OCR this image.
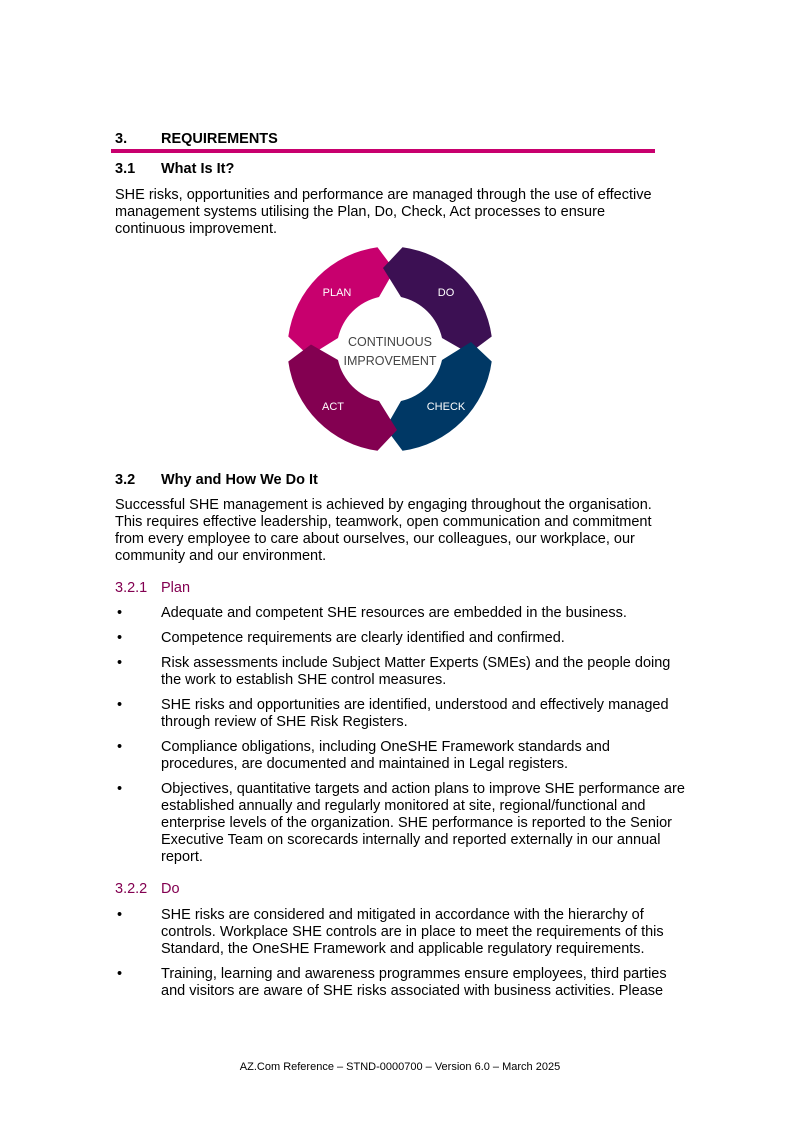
3. REQUIREMENTS
3.1 What Is It?

SHE risks, opportunities and performance are managed through the use of effective management systems utilising the Plan, Do, Check, Act processes to ensure continuous improvement.

PLAN	DO
CHECK
ACT
CONTINUOUS
IMPROVEMENT
3.2 Why and How We Do It

Successful SHE management is achieved by engaging throughout the organisation. This requires effective leadership, teamwork, open communication and commitment from every employee to care about ourselves, our colleagues, our workplace, our community and our environment.

3.2.1 Plan
•	Adequate and competent SHE resources are embedded in the business.
•	Competence requirements are clearly identified and confirmed.
•	Risk assessments include Subject Matter Experts (SMEs) and the people doing the work to establish SHE control measures.
•	SHE risks and opportunities are identified, understood and effectively managed through review of SHE Risk Registers.
•	Compliance obligations, including OneSHE Framework standards and procedures, are documented and maintained in Legal registers.
•	Objectives, quantitative targets and action plans to improve SHE performance are established annually and regularly monitored at site, regional/functional and enterprise levels of the organization. SHE performance is reported to the Senior Executive Team on scorecards internally and reported externally in our annual report.
3.2.2 Do
•	SHE risks are considered and mitigated in accordance with the hierarchy of controls. Workplace SHE controls are in place to meet the requirements of this Standard, the OneSHE Framework and applicable regulatory requirements.
•	Training, learning and awareness programmes ensure employees, third parties and visitors are aware of SHE risks associated with business activities. Please
AZ.Com Reference – STND-0000700 – Version 6.0 – March 2025
